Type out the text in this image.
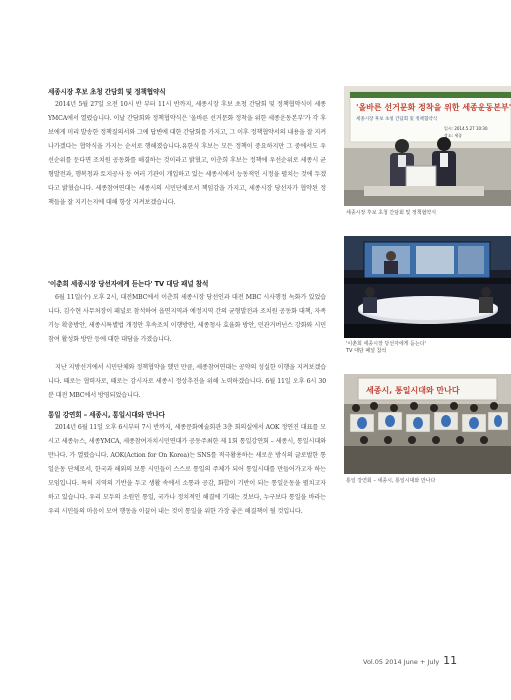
세종시장 후보 초청 간담회 및 정책협약식
2014년 5월 27일 오전 10시 반 부터 11시 반까지, 세종시장 후보 초청 간담회 및 정책협약식이 세종 YMCA에서 열렸습니다. 이날 간담회와 정책협약식은 '올바른 선거문화 정착을 위한 세종운동본부'가 각 후보에게 미리 발송한 정책질의서와 그에 답변에 대한 간담회를 가지고, 그 이후 정책협약서의 내용을 잘 지켜나가겠다는 협약식을 가지는 순서로 행해졌습니다.유한식 후보는 모든 정책이 중요하지만 그 중에서도 우선순위를 둔다면 조치원 공동화를 해결하는 것이라고 밝혔고, 이춘희 후보는 정책에 우선순위로 세종시 균형발전과, 행복청과 토지공사 등 여러 기관이 개입하고 있는 세종시에서 능동적인 시정을 펼치는 것에 두겠다고 밝혔습니다. 세종참여연대는 세종시의 시민단체로서 책임감을 가지고, 세종시장 당선자가 협약된 정책들을 잘 지키는지에 대해 항상 지켜보겠습니다.
'이춘희 세종시장 당선자에게 듣는다' TV 대담 패널 참석
6월 11일(수) 오후 2시, 대전MBC에서 이춘희 세종시장 당선인과 대전 MBC 시사행정 녹화가 있었습니다. 김수현 사무처장이 패널로 참석하여 읍면지역과 예정지역 간의 균형발전과 조치원 공동화 대책, 자족기능 확충방안, 세종시특별법 개정안 후속조치 이행방안, 세종청사 효율화 방안, 민관거버넌스 강화와 시민참여 활성화 방안 등에 대한 대담을 가졌습니다.
지난 지방선거에서 시민단체와 정책협약을 했던 만큼, 세종참여연대는 공약의 성실한 이행을 지켜보겠습니다. 때로는 협력자로, 때로는 감시자로 세종시 정상추진을 위해 노력하겠습니다. 6월 11일 오후 6시 30분 대전 MBC에서 방영되었습니다.
통일 강연회 – 세종시, 통일시대와 만나다
2014년 6월 11일 오후 6시부터 7시 반까지, 세종문화예술회관 3층 회의실에서 AOK 정연진 대표를 모시고 세종뉴스, 세종YMCA, 세종참여자치시민연대가 공동주최한 제 1회 통일강연회 – 세종시, 통일시대와 만나다. 가 열렸습니다. AOK(Action for On Korea)는 SNS를 적극활용하는 새로운 방식의 글로벌한 통일운동 단체로서, 한국과 해외의 보통 시민들이 스스로 통일의 주체가 되어 통일시대를 만들어가고자 하는 모임입니다. 특히 지역의 기반을 두고 생활 속에서 소통과 공감, 화합이 기반이 되는 통일운동을 펼치고자 하고 있습니다. 우리 모두의 소원인 통일, 국가나 정치적인 해결에 기대는 것보다, 누구보다 통일을 바라는 우리 시민들의 마음이 모여 행동을 이끌어 내는 것이 통일을 위한 가장 좋은 해결책이 될 것입니다.
'올바른 선거문화 정착을 위한 세종운동본부'
세종시장 후보 초청 간담회 및 정책협약식
일시: 2014.5.27 10:30
장소: 세종
세종시장 후보 초청 간담회 및 정책협약식
'이춘희 세종시장 당선자에게 듣는다'
TV 대담 패널 참석
세종시, 통일시대와 만나다
통일 강연회 – 세종시, 통일시대와 만나다
Vol.05 2014 June + July 11
